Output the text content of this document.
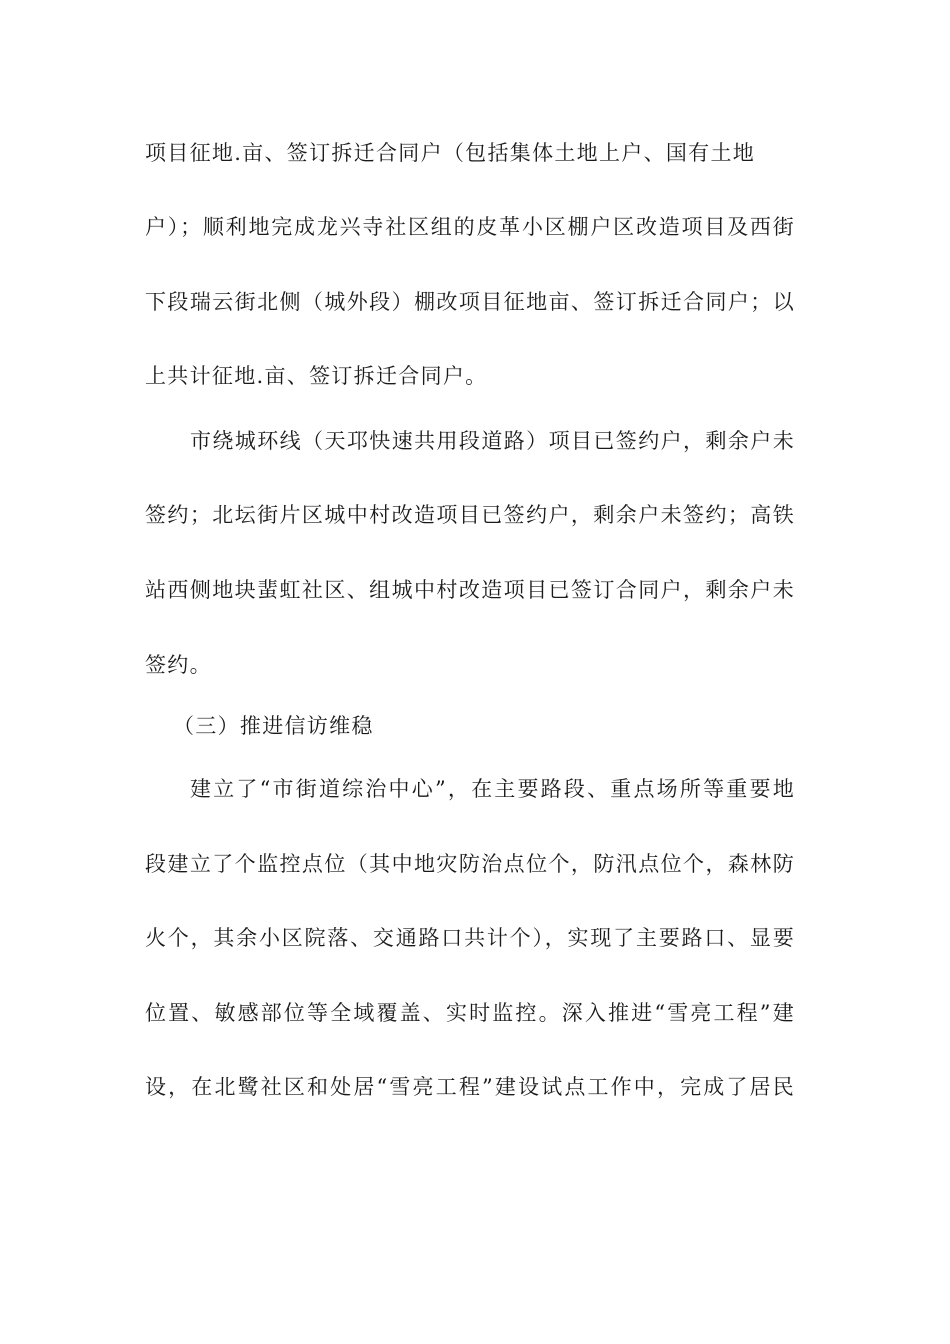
项目征地.亩、签订拆迁合同户（包括集体土地上户、国有土地
户）；顺利地完成龙兴寺社区组的皮革小区棚户区改造项目及西街
下段瑞云街北侧（城外段）棚改项目征地亩、签订拆迁合同户；以
上共计征地.亩、签订拆迁合同户。
市绕城环线（天邛快速共用段道路）项目已签约户，剩余户未
签约；北坛街片区城中村改造项目已签约户，剩余户未签约；高铁
站西侧地块蜚虹社区、组城中村改造项目已签订合同户，剩余户未
签约。
（三）推进信访维稳
建立了“市街道综治中心”，在主要路段、重点场所等重要地
段建立了个监控点位（其中地灾防治点位个，防汛点位个，森林防
火个，其余小区院落、交通路口共计个），实现了主要路口、显要
位置、敏感部位等全域覆盖、实时监控。深入推进“雪亮工程”建
设，在北鹭社区和处居“雪亮工程”建设试点工作中，完成了居民
